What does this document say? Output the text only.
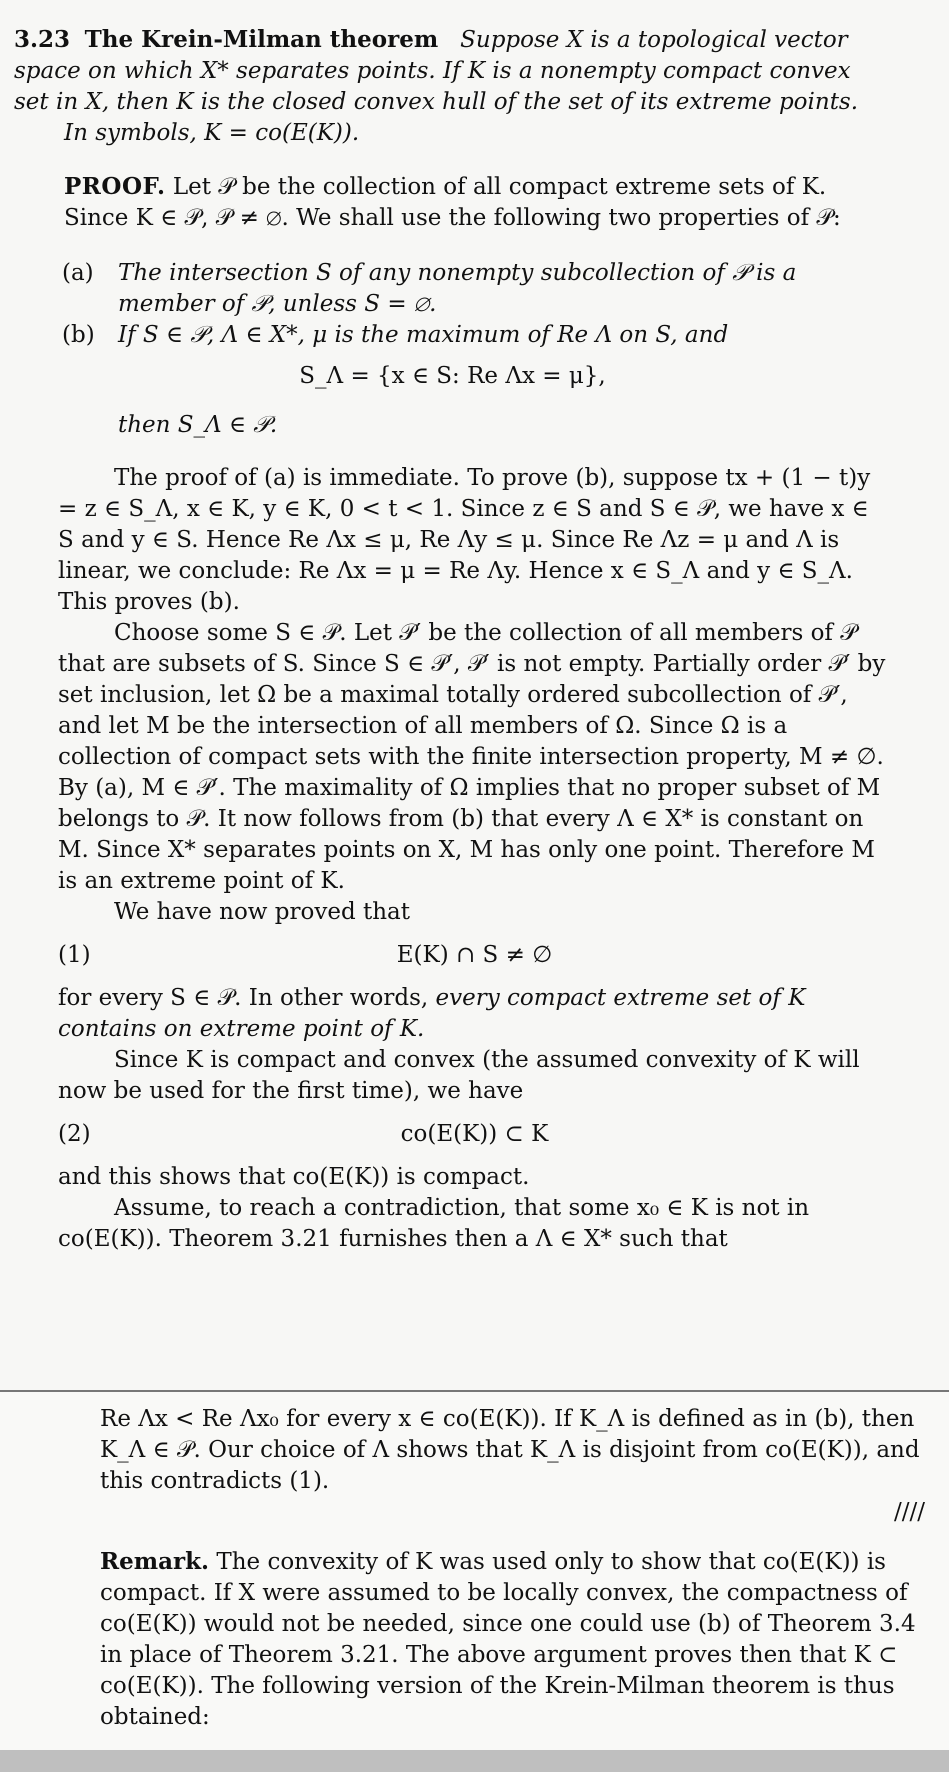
3.23 The Krein-Milman theorem Suppose X is a topological vector space on which X* separates points. If K is a nonempty compact convex set in X, then K is the closed convex hull of the set of its extreme points.

In symbols, K = co(E(K)).

PROOF. Let 𝒫 be the collection of all compact extreme sets of K. Since K ∈ 𝒫, 𝒫 ≠ ∅. We shall use the following two properties of 𝒫:

(a) The intersection S of any nonempty subcollection of 𝒫 is a member of 𝒫, unless S = ∅.
(b) If S ∈ 𝒫, Λ ∈ X*, μ is the maximum of Re Λ on S, and
S_Λ = {x ∈ S: Re Λx = μ},

then S_Λ ∈ 𝒫.

The proof of (a) is immediate. To prove (b), suppose tx + (1 − t)y = z ∈ S_Λ, x ∈ K, y ∈ K, 0 < t < 1. Since z ∈ S and S ∈ 𝒫, we have x ∈ S and y ∈ S. Hence Re Λx ≤ μ, Re Λy ≤ μ. Since Re Λz = μ and Λ is linear, we conclude: Re Λx = μ = Re Λy. Hence x ∈ S_Λ and y ∈ S_Λ. This proves (b).

Choose some S ∈ 𝒫. Let 𝒫′ be the collection of all members of 𝒫 that are subsets of S. Since S ∈ 𝒫′, 𝒫′ is not empty. Partially order 𝒫′ by set inclusion, let Ω be a maximal totally ordered subcollection of 𝒫′, and let M be the intersection of all members of Ω. Since Ω is a collection of compact sets with the finite intersection property, M ≠ ∅. By (a), M ∈ 𝒫′. The maximality of Ω implies that no proper subset of M belongs to 𝒫. It now follows from (b) that every Λ ∈ X* is constant on M. Since X* separates points on X, M has only one point. Therefore M is an extreme point of K.

We have now proved that

(1)	E(K) ∩ S ≠ ∅

for every S ∈ 𝒫. In other words, every compact extreme set of K contains on extreme point of K.

Since K is compact and convex (the assumed convexity of K will now be used for the first time), we have

(2)	co(E(K)) ⊂ K

and this shows that co(E(K)) is compact.

Assume, to reach a contradiction, that some x₀ ∈ K is not in co(E(K)). Theorem 3.21 furnishes then a Λ ∈ X* such that

Re Λx < Re Λx₀ for every x ∈ co(E(K)). If K_Λ is defined as in (b), then K_Λ ∈ 𝒫. Our choice of Λ shows that K_Λ is disjoint from co(E(K)), and this contradicts (1).

////

Remark. The convexity of K was used only to show that co(E(K)) is compact. If X were assumed to be locally convex, the compactness of co(E(K)) would not be needed, since one could use (b) of Theorem 3.4 in place of Theorem 3.21. The above argument proves then that K ⊂ co(E(K)). The following version of the Krein-Milman theorem is thus obtained:
